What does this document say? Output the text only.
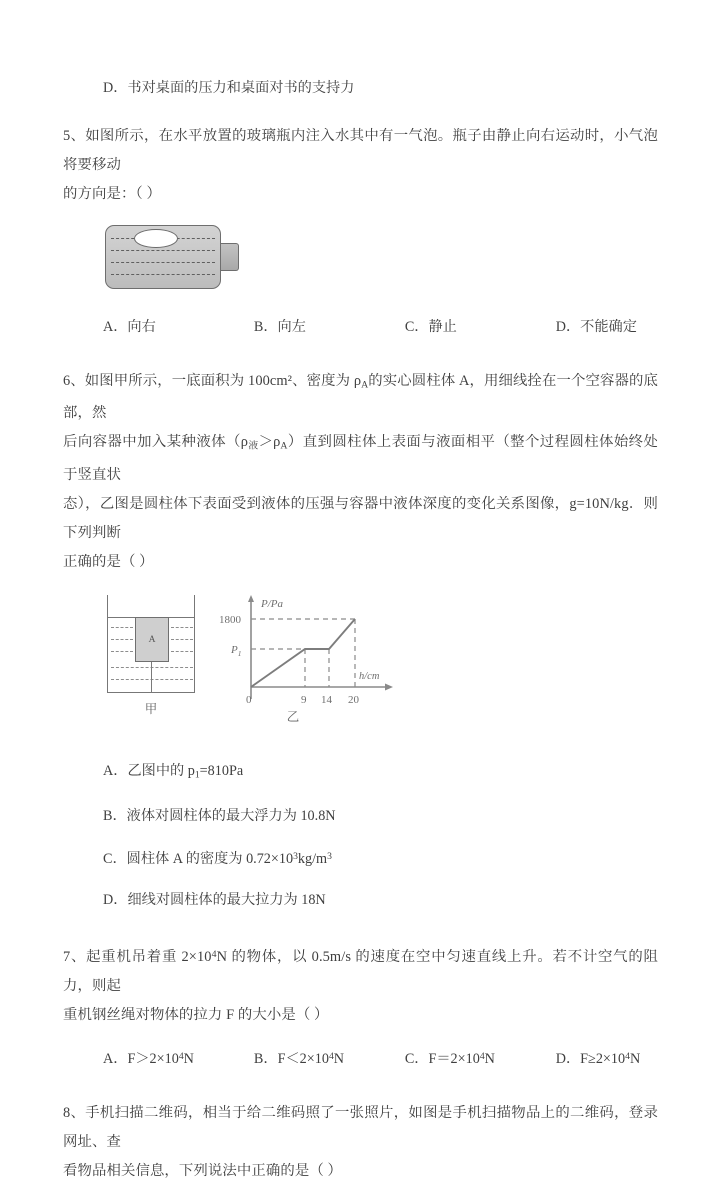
D．书对桌面的压力和桌面对书的支持力
5、如图所示，在水平放置的玻璃瓶内注入水其中有一气泡。瓶子由静止向右运动时，小气泡将要移动
的方向是：（ ）
A．向右	B．向左	C．静止	D．不能确定
6、如图甲所示，一底面积为 100cm²、密度为 $\rho_A$的实心圆柱体 A，用细线拴在一个空容器的底部，然
后向容器中加入某种液体$(\rho_液>\rho_A)$直到圆柱体上表面与液面相平（整个过程圆柱体始终处于竖直状
态），乙图是圆柱体下表面受到液体的压强与容器中液体深度的变化关系图像，g=10N/kg．则下列判断
正确的是（ ）
A
甲
P/Pa
h/cm
1800
$P_1$
0	9 14 20
乙
A．乙图中的 $p_1=810Pa$
B．液体对圆柱体的最大浮力为 10.8N
C．圆柱体 A 的密度为 $0.72\times 10^3kg/m^3$
D．细线对圆柱体的最大拉力为 18N
7、起重机吊着重 $2\times 10^4N$ 的物体，以 0.5m/s 的速度在空中匀速直线上升。若不计空气的阻力，则起
重机钢丝绳对物体的拉力 F 的大小是（ ）
A．$F>2\times 10^4N$	B．$F<2\times 10^4N$	C．$F=2\times 10^4N$	D．$F\ge 2\times 10^4N$
8、手机扫描二维码，相当于给二维码照了一张照片，如图是手机扫描物品上的二维码，登录网址、查
看物品相关信息，下列说法中正确的是（ ）
